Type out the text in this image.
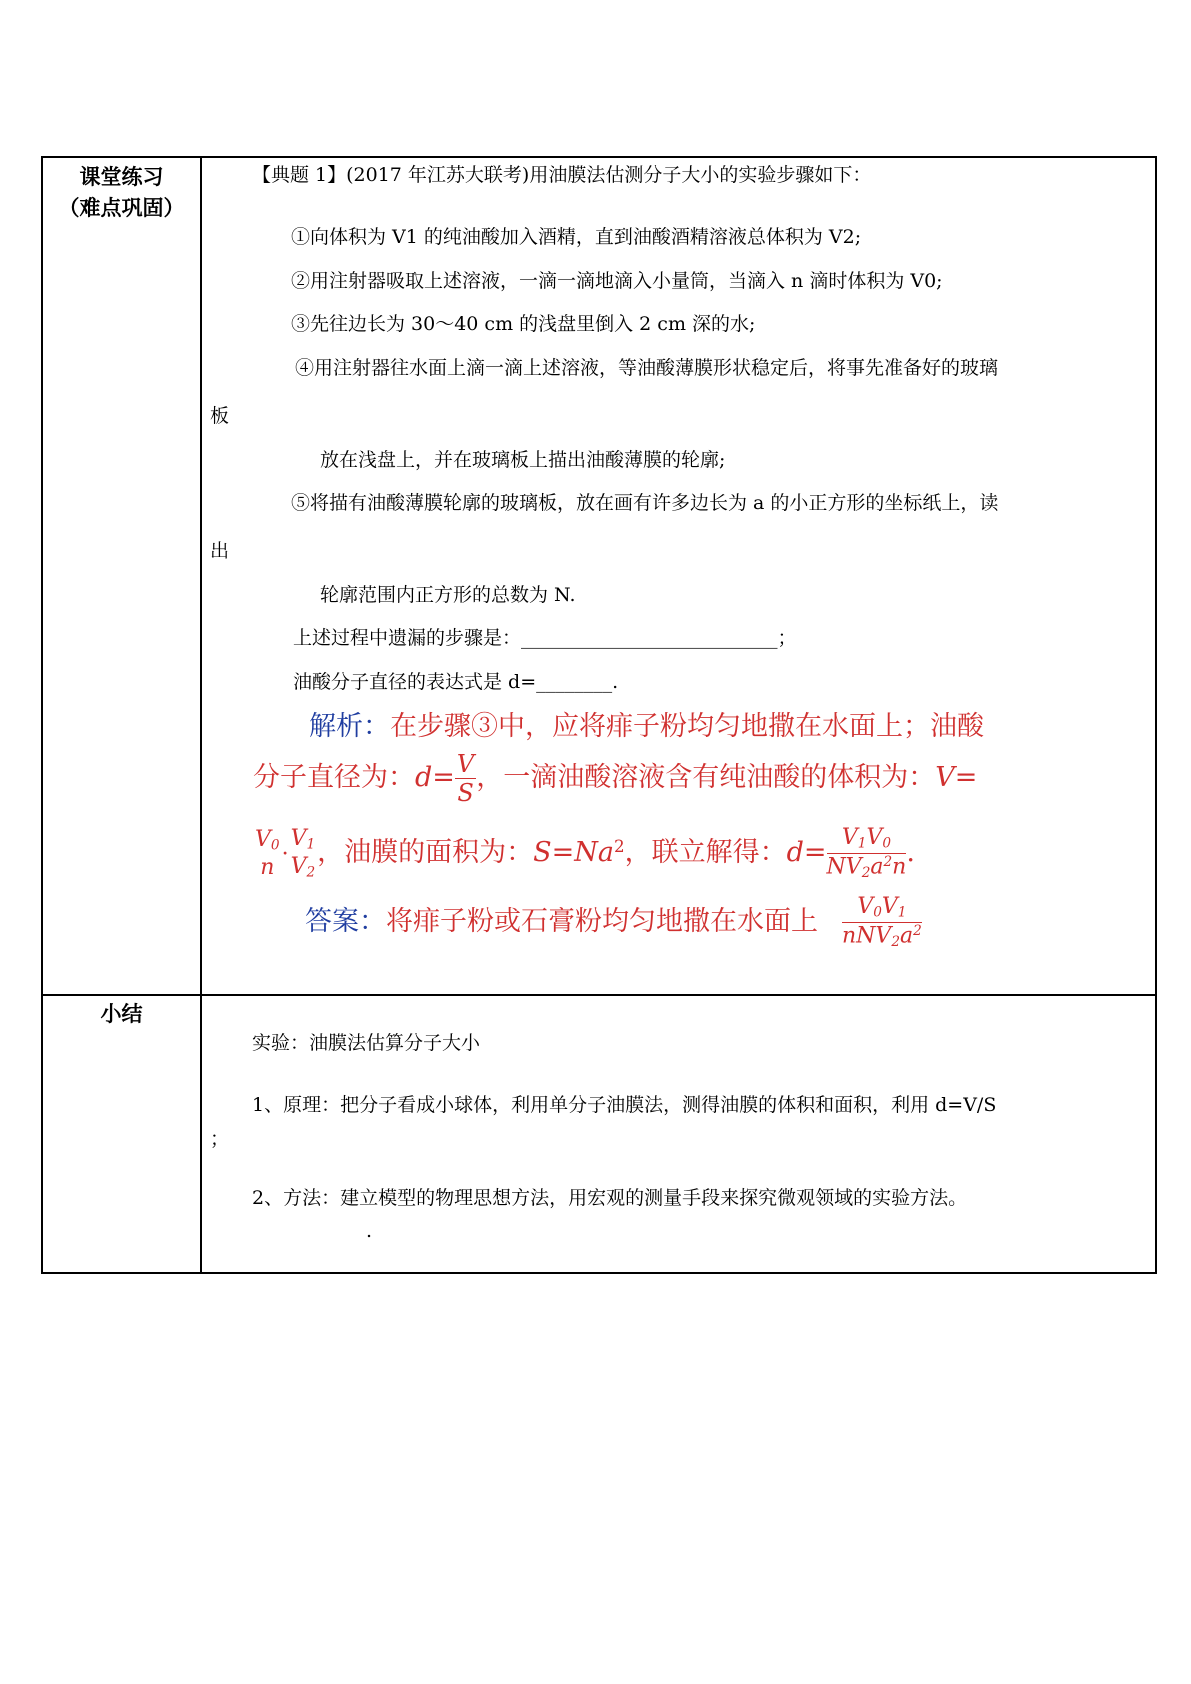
课堂练习
（难点巩固）
小结
【典题 1】(2017 年江苏大联考)用油膜法估测分子大小的实验步骤如下：
①向体积为 V1 的纯油酸加入酒精，直到油酸酒精溶液总体积为 V2;
②用注射器吸取上述溶液，一滴一滴地滴入小量筒，当滴入 n 滴时体积为 V0;
③先往边长为 30～40 cm 的浅盘里倒入 2 cm 深的水;
④用注射器往水面上滴一滴上述溶液，等油酸薄膜形状稳定后，将事先准备好的玻璃
板
放在浅盘上，并在玻璃板上描出油酸薄膜的轮廓;
⑤将描有油酸薄膜轮廓的玻璃板，放在画有许多边长为 a 的小正方形的坐标纸上，读
出
轮廓范围内正方形的总数为 N.
上述过程中遗漏的步骤是：___________________________；
油酸分子直径的表达式是 d=________.
解析：在步骤③中，应将痱子粉均匀地撒在水面上；油酸
分子直径为：$d= \frac{V}{S}$ ，一滴油酸溶液含有纯油酸的体积为：V=
$V_0$
n
·
$V_1$
$V_2$
，油膜的面积为：$S=Na^2$，联立解得：$d= \frac{V_1V_0}{NV_2a^2n}$ .
答案：将痱子粉或石膏粉均匀地撒在水面上 $\frac{V_0V_1}{nNV_2a^2}$
实验：油膜法估算分子大小
1、原理：把分子看成小球体，利用单分子油膜法，测得油膜的体积和面积，利用 d=V/S
；
2、方法：建立模型的物理思想方法，用宏观的测量手段来探究微观领域的实验方法。
.
